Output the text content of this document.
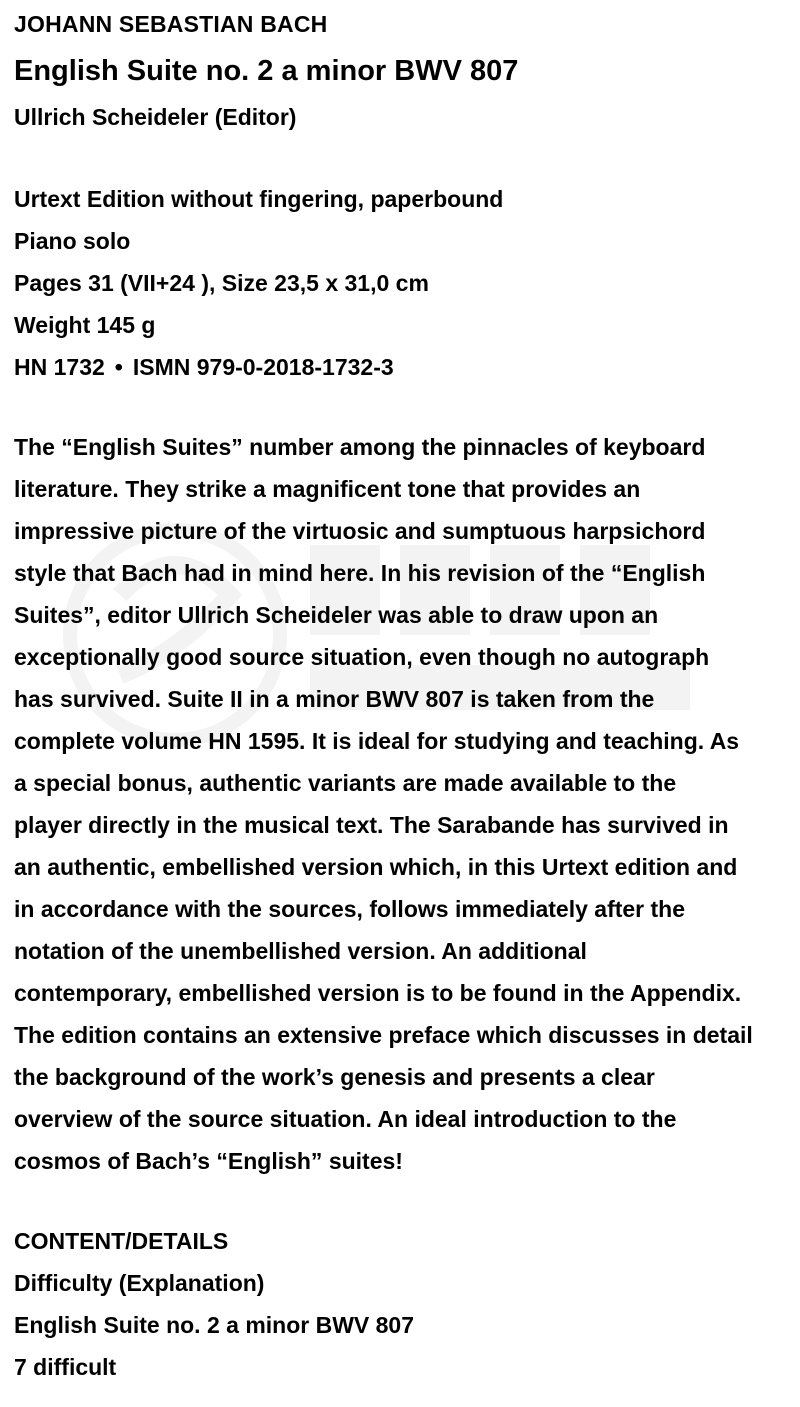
JOHANN SEBASTIAN BACH
English Suite no. 2 a minor BWV 807
Ullrich Scheideler (Editor)
Urtext Edition without fingering, paperbound
Piano solo
Pages 31 (VII+24 ), Size 23,5 x 31,0 cm
Weight 145 g
HN 1732 • ISMN 979-0-2018-1732-3

The “English Suites” number among the pinnacles of keyboard

literature. They strike a magnificent tone that provides an

impressive picture of the virtuosic and sumptuous harpsichord

style that Bach had in mind here. In his revision of the “English

Suites”, editor Ullrich Scheideler was able to draw upon an

exceptionally good source situation, even though no autograph

has survived. Suite II in a minor BWV 807 is taken from the

complete volume HN 1595. It is ideal for studying and teaching. As

a special bonus, authentic variants are made available to the

player directly in the musical text. The Sarabande has survived in

an authentic, embellished version which, in this Urtext edition and

in accordance with the sources, follows immediately after the

notation of the unembellished version. An additional

contemporary, embellished version is to be found in the Appendix.

The edition contains an extensive preface which discusses in detail

the background of the work’s genesis and presents a clear

overview of the source situation. An ideal introduction to the

cosmos of Bach’s “English” suites!

CONTENT/DETAILS
Difficulty (Explanation)
English Suite no. 2 a minor BWV 807
7 difficult
